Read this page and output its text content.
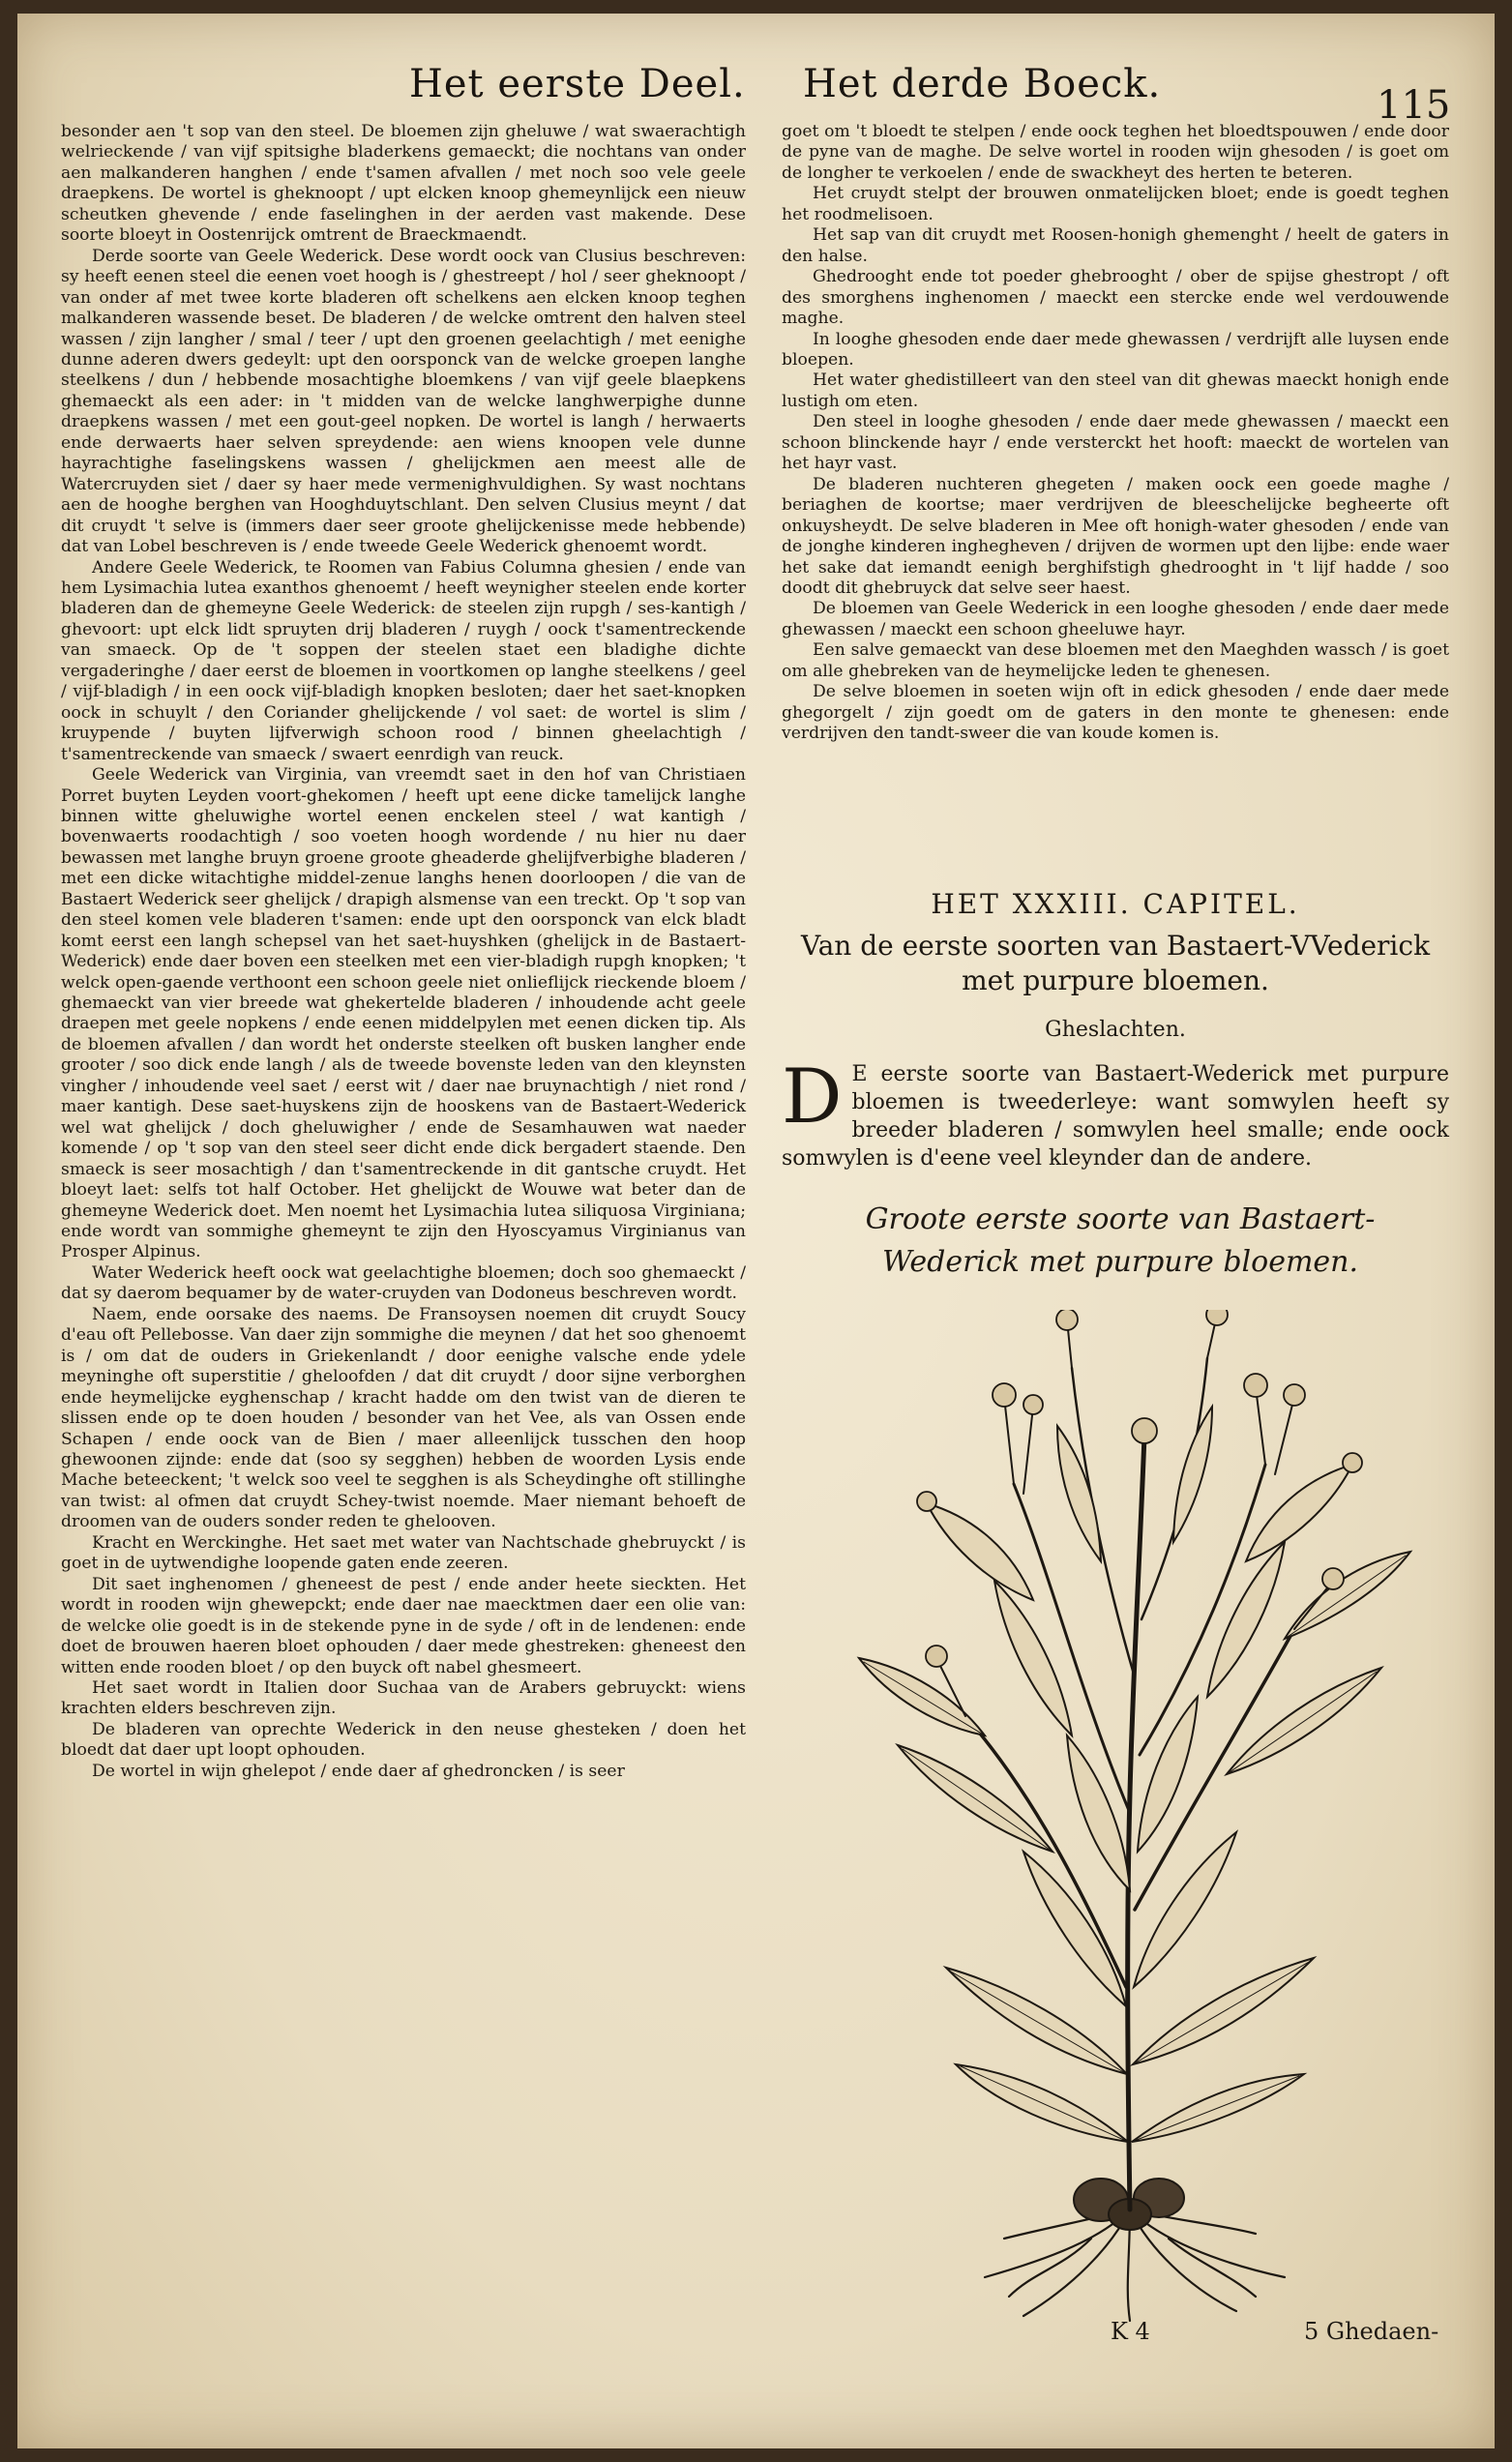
Het eerste Deel. Het derde Boeck.	115

besonder aen 't sop van den steel. De bloemen zijn gheluwe / wat swaerachtigh welrieckende / van vijf spitsighe bladerkens gemaeckt; die nochtans van onder aen malkanderen hanghen / ende t'samen afvallen / met noch soo vele geele draepkens. De wortel is gheknoopt / upt elcken knoop ghemeynlijck een nieuw scheutken ghevende / ende faselinghen in der aerden vast makende. Dese soorte bloeyt in Oostenrijck omtrent de Braeckmaendt.

Derde soorte van Geele Wederick. Dese wordt oock van Clusius beschreven: sy heeft eenen steel die eenen voet hoogh is / ghestreept / hol / seer gheknoopt / van onder af met twee korte bladeren oft schelkens aen elcken knoop teghen malkanderen wassende beset. De bladeren / de welcke omtrent den halven steel wassen / zijn langher / smal / teer / upt den groenen geelachtigh / met eenighe dunne aderen dwers gedeylt: upt den oorsponck van de welcke groepen langhe steelkens / dun / hebbende mosachtighe bloemkens / van vijf geele blaepkens ghemaeckt als een ader: in 't midden van de welcke langhwerpighe dunne draepkens wassen / met een gout-geel nopken. De wortel is langh / herwaerts ende derwaerts haer selven spreydende: aen wiens knoopen vele dunne hayrachtighe faselingskens wassen / ghelijckmen aen meest alle de Watercruyden siet / daer sy haer mede vermenighvuldighen. Sy wast nochtans aen de hooghe berghen van Hooghduytschlant. Den selven Clusius meynt / dat dit cruydt 't selve is (immers daer seer groote ghelijckenisse mede hebbende) dat van Lobel beschreven is / ende tweede Geele Wederick ghenoemt wordt.

Andere Geele Wederick, te Roomen van Fabius Columna ghesien / ende van hem Lysimachia lutea exanthos ghenoemt / heeft weynigher steelen ende korter bladeren dan de ghemeyne Geele Wederick: de steelen zijn rupgh / ses-kantigh / ghevoort: upt elck lidt spruyten drij bladeren / ruygh / oock t'samentreckende van smaeck. Op de 't soppen der steelen staet een bladighe dichte vergaderinghe / daer eerst de bloemen in voortkomen op langhe steelkens / geel / vijf-bladigh / in een oock vijf-bladigh knopken besloten; daer het saet-knopken oock in schuylt / den Coriander ghelijckende / vol saet: de wortel is slim / kruypende / buyten lijfverwigh schoon rood / binnen gheelachtigh / t'samentreckende van smaeck / swaert eenrdigh van reuck.

Geele Wederick van Virginia, van vreemdt saet in den hof van Christiaen Porret buyten Leyden voort-ghekomen / heeft upt eene dicke tamelijck langhe binnen witte gheluwighe wortel eenen enckelen steel / wat kantigh / bovenwaerts roodachtigh / soo voeten hoogh wordende / nu hier nu daer bewassen met langhe bruyn groene groote gheaderde ghelijfverbighe bladeren / met een dicke witachtighe middel-zenue langhs henen doorloopen / die van de Bastaert Wederick seer ghelijck / drapigh alsmense van een treckt. Op 't sop van den steel komen vele bladeren t'samen: ende upt den oorsponck van elck bladt komt eerst een langh schepsel van het saet-huyshken (ghelijck in de Bastaert-Wederick) ende daer boven een steelken met een vier-bladigh rupgh knopken; 't welck open-gaende verthoont een schoon geele niet onlieflijck rieckende bloem / ghemaeckt van vier breede wat ghekertelde bladeren / inhoudende acht geele draepen met geele nopkens / ende eenen middelpylen met eenen dicken tip. Als de bloemen afvallen / dan wordt het onderste steelken oft busken langher ende grooter / soo dick ende langh / als de tweede bovenste leden van den kleynsten vingher / inhoudende veel saet / eerst wit / daer nae bruynachtigh / niet rond / maer kantigh. Dese saet-huyskens zijn de hooskens van de Bastaert-Wederick wel wat ghelijck / doch gheluwigher / ende de Sesamhauwen wat naeder komende / op 't sop van den steel seer dicht ende dick bergadert staende. Den smaeck is seer mosachtigh / dan t'samentreckende in dit gantsche cruydt. Het bloeyt laet: selfs tot half October. Het ghelijckt de Wouwe wat beter dan de ghemeyne Wederick doet. Men noemt het Lysimachia lutea siliquosa Virginiana; ende wordt van sommighe ghemeynt te zijn den Hyoscyamus Virginianus van Prosper Alpinus.

Water Wederick heeft oock wat geelachtighe bloemen; doch soo ghemaeckt / dat sy daerom bequamer by de water-cruyden van Dodoneus beschreven wordt.

Naem, ende oorsake des naems. De Fransoysen noemen dit cruydt Soucy d'eau oft Pellebosse. Van daer zijn sommighe die meynen / dat het soo ghenoemt is / om dat de ouders in Griekenlandt / door eenighe valsche ende ydele meyninghe oft superstitie / gheloofden / dat dit cruydt / door sijne verborghen ende heymelijcke eyghenschap / kracht hadde om den twist van de dieren te slissen ende op te doen houden / besonder van het Vee, als van Ossen ende Schapen / ende oock van de Bien / maer alleenlijck tusschen den hoop ghewoonen zijnde: ende dat (soo sy segghen) hebben de woorden Lysis ende Mache beteeckent; 't welck soo veel te segghen is als Scheydinghe oft stillinghe van twist: al ofmen dat cruydt Schey-twist noemde. Maer niemant behoeft de droomen van de ouders sonder reden te ghelooven.

Kracht en Werckinghe. Het saet met water van Nachtschade ghebruyckt / is goet in de uytwendighe loopende gaten ende zeeren.

Dit saet inghenomen / gheneest de pest / ende ander heete sieckten. Het wordt in rooden wijn ghewepckt; ende daer nae maecktmen daer een olie van: de welcke olie goedt is in de stekende pyne in de syde / oft in de lendenen: ende doet de brouwen haeren bloet ophouden / daer mede ghestreken: gheneest den witten ende rooden bloet / op den buyck oft nabel ghesmeert.

Het saet wordt in Italien door Suchaa van de Arabers gebruyckt: wiens krachten elders beschreven zijn.

De bladeren van oprechte Wederick in den neuse ghesteken / doen het bloedt dat daer upt loopt ophouden.

De wortel in wijn ghelepot / ende daer af ghedroncken / is seer

goet om 't bloedt te stelpen / ende oock teghen het bloedtspouwen / ende door de pyne van de maghe. De selve wortel in rooden wijn ghesoden / is goet om de longher te verkoelen / ende de swackheyt des herten te beteren.

Het cruydt stelpt der brouwen onmatelijcken bloet; ende is goedt teghen het roodmelisoen.

Het sap van dit cruydt met Roosen-honigh ghemenght / heelt de gaters in den halse.

Ghedrooght ende tot poeder ghebrooght / ober de spijse ghestropt / oft des smorghens inghenomen / maeckt een stercke ende wel verdouwende maghe.

In looghe ghesoden ende daer mede ghewassen / verdrijft alle luysen ende bloepen.

Het water ghedistilleert van den steel van dit ghewas maeckt honigh ende lustigh om eten.

Den steel in looghe ghesoden / ende daer mede ghewassen / maeckt een schoon blinckende hayr / ende versterckt het hooft: maeckt de wortelen van het hayr vast.

De bladeren nuchteren ghegeten / maken oock een goede maghe / beriaghen de koortse; maer verdrijven de bleeschelijcke begheerte oft onkuysheydt. De selve bladeren in Mee oft honigh-water ghesoden / ende van de jonghe kinderen inghegheven / drijven de wormen upt den lijbe: ende waer het sake dat iemandt eenigh berghifstigh ghedrooght in 't lijf hadde / soo doodt dit ghebruyck dat selve seer haest.

De bloemen van Geele Wederick in een looghe ghesoden / ende daer mede ghewassen / maeckt een schoon gheeluwe hayr.

Een salve gemaeckt van dese bloemen met den Maeghden wassch / is goet om alle ghebreken van de heymelijcke leden te ghenesen.

De selve bloemen in soeten wijn oft in edick ghesoden / ende daer mede ghegorgelt / zijn goedt om de gaters in den monte te ghenesen: ende verdrijven den tandt-sweer die van koude komen is.

HET XXXIII. CAPITEL.
Van de eerste soorten van Bastaert-VVederick
met purpure bloemen.
Gheslachten.
D E eerste soorte van Bastaert-Wederick met purpure bloemen is tweederleye: want somwylen heeft sy breeder bladeren / somwylen heel smalle; ende oock somwylen is d'eene veel kleynder dan de andere.
Groote eerste soorte van Bastaert-
Wederick met purpure bloemen.
K 4	5 Ghedaen-
